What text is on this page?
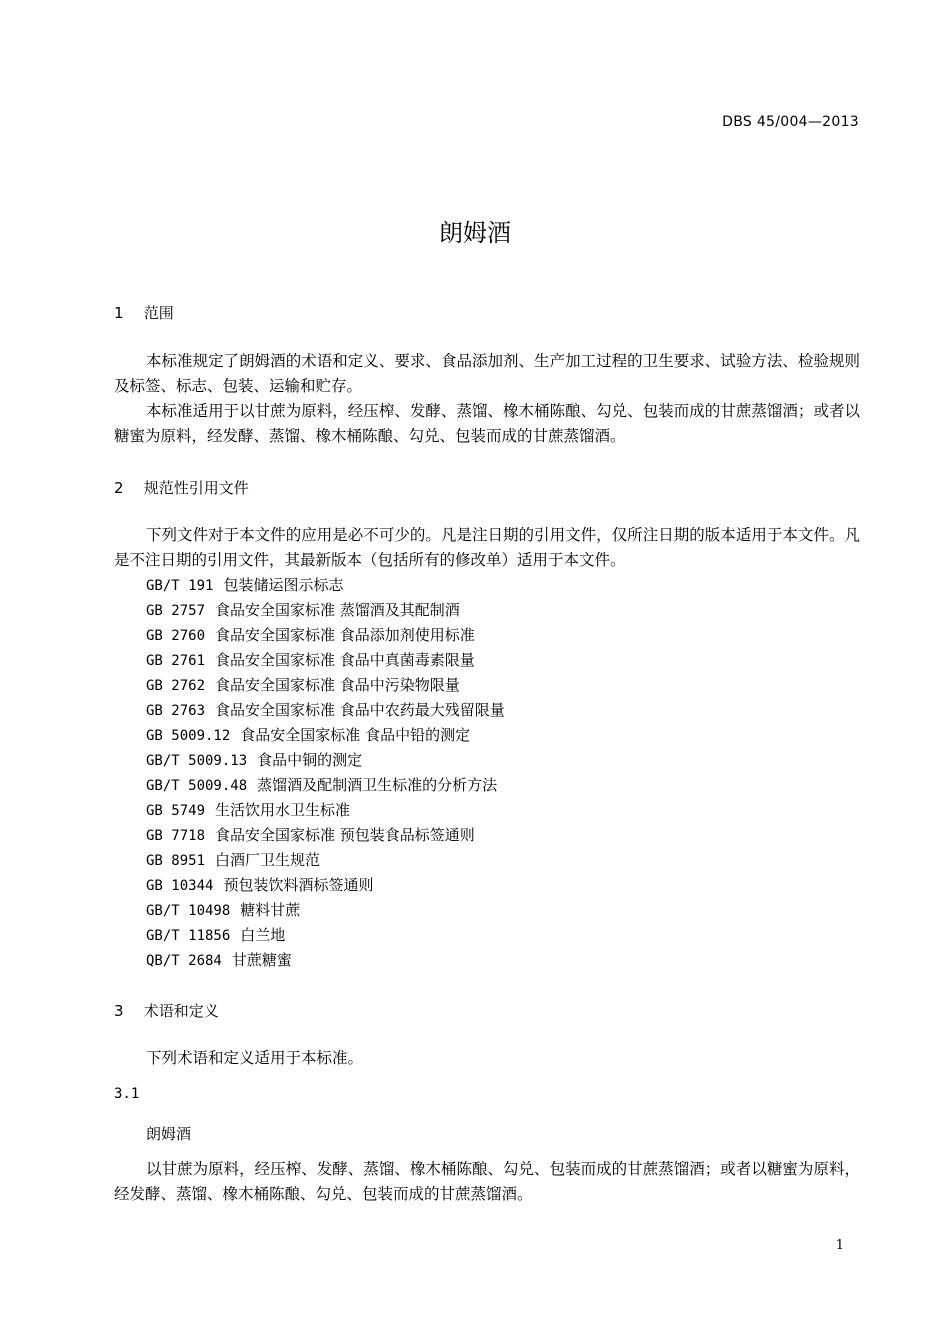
DBS 45/004—2013
朗姆酒
1 范围

本标准规定了朗姆酒的术语和定义、要求、食品添加剂、生产加工过程的卫生要求、试验方法、检验规则及标签、标志、包装、运输和贮存。

本标准适用于以甘蔗为原料，经压榨、发酵、蒸馏、橡木桶陈酿、勾兑、包装而成的甘蔗蒸馏酒；或者以糖蜜为原料，经发酵、蒸馏、橡木桶陈酿、勾兑、包装而成的甘蔗蒸馏酒。

2 规范性引用文件

下列文件对于本文件的应用是必不可少的。凡是注日期的引用文件，仅所注日期的版本适用于本文件。凡是不注日期的引用文件，其最新版本（包括所有的修改单）适用于本文件。

GB/T 191 包装储运图示标志
GB 2757 食品安全国家标准 蒸馏酒及其配制酒
GB 2760 食品安全国家标准 食品添加剂使用标准
GB 2761 食品安全国家标准 食品中真菌毒素限量
GB 2762 食品安全国家标准 食品中污染物限量
GB 2763 食品安全国家标准 食品中农药最大残留限量
GB 5009.12 食品安全国家标准 食品中铅的测定
GB/T 5009.13 食品中铜的测定
GB/T 5009.48 蒸馏酒及配制酒卫生标准的分析方法
GB 5749 生活饮用水卫生标准
GB 7718 食品安全国家标准 预包装食品标签通则
GB 8951 白酒厂卫生规范
GB 10344 预包装饮料酒标签通则
GB/T 10498 糖料甘蔗
GB/T 11856 白兰地
QB/T 2684 甘蔗糖蜜
3 术语和定义

下列术语和定义适用于本标准。

3.1
朗姆酒

以甘蔗为原料，经压榨、发酵、蒸馏、橡木桶陈酿、勾兑、包装而成的甘蔗蒸馏酒；或者以糖蜜为原料，经发酵、蒸馏、橡木桶陈酿、勾兑、包装而成的甘蔗蒸馏酒。

1
